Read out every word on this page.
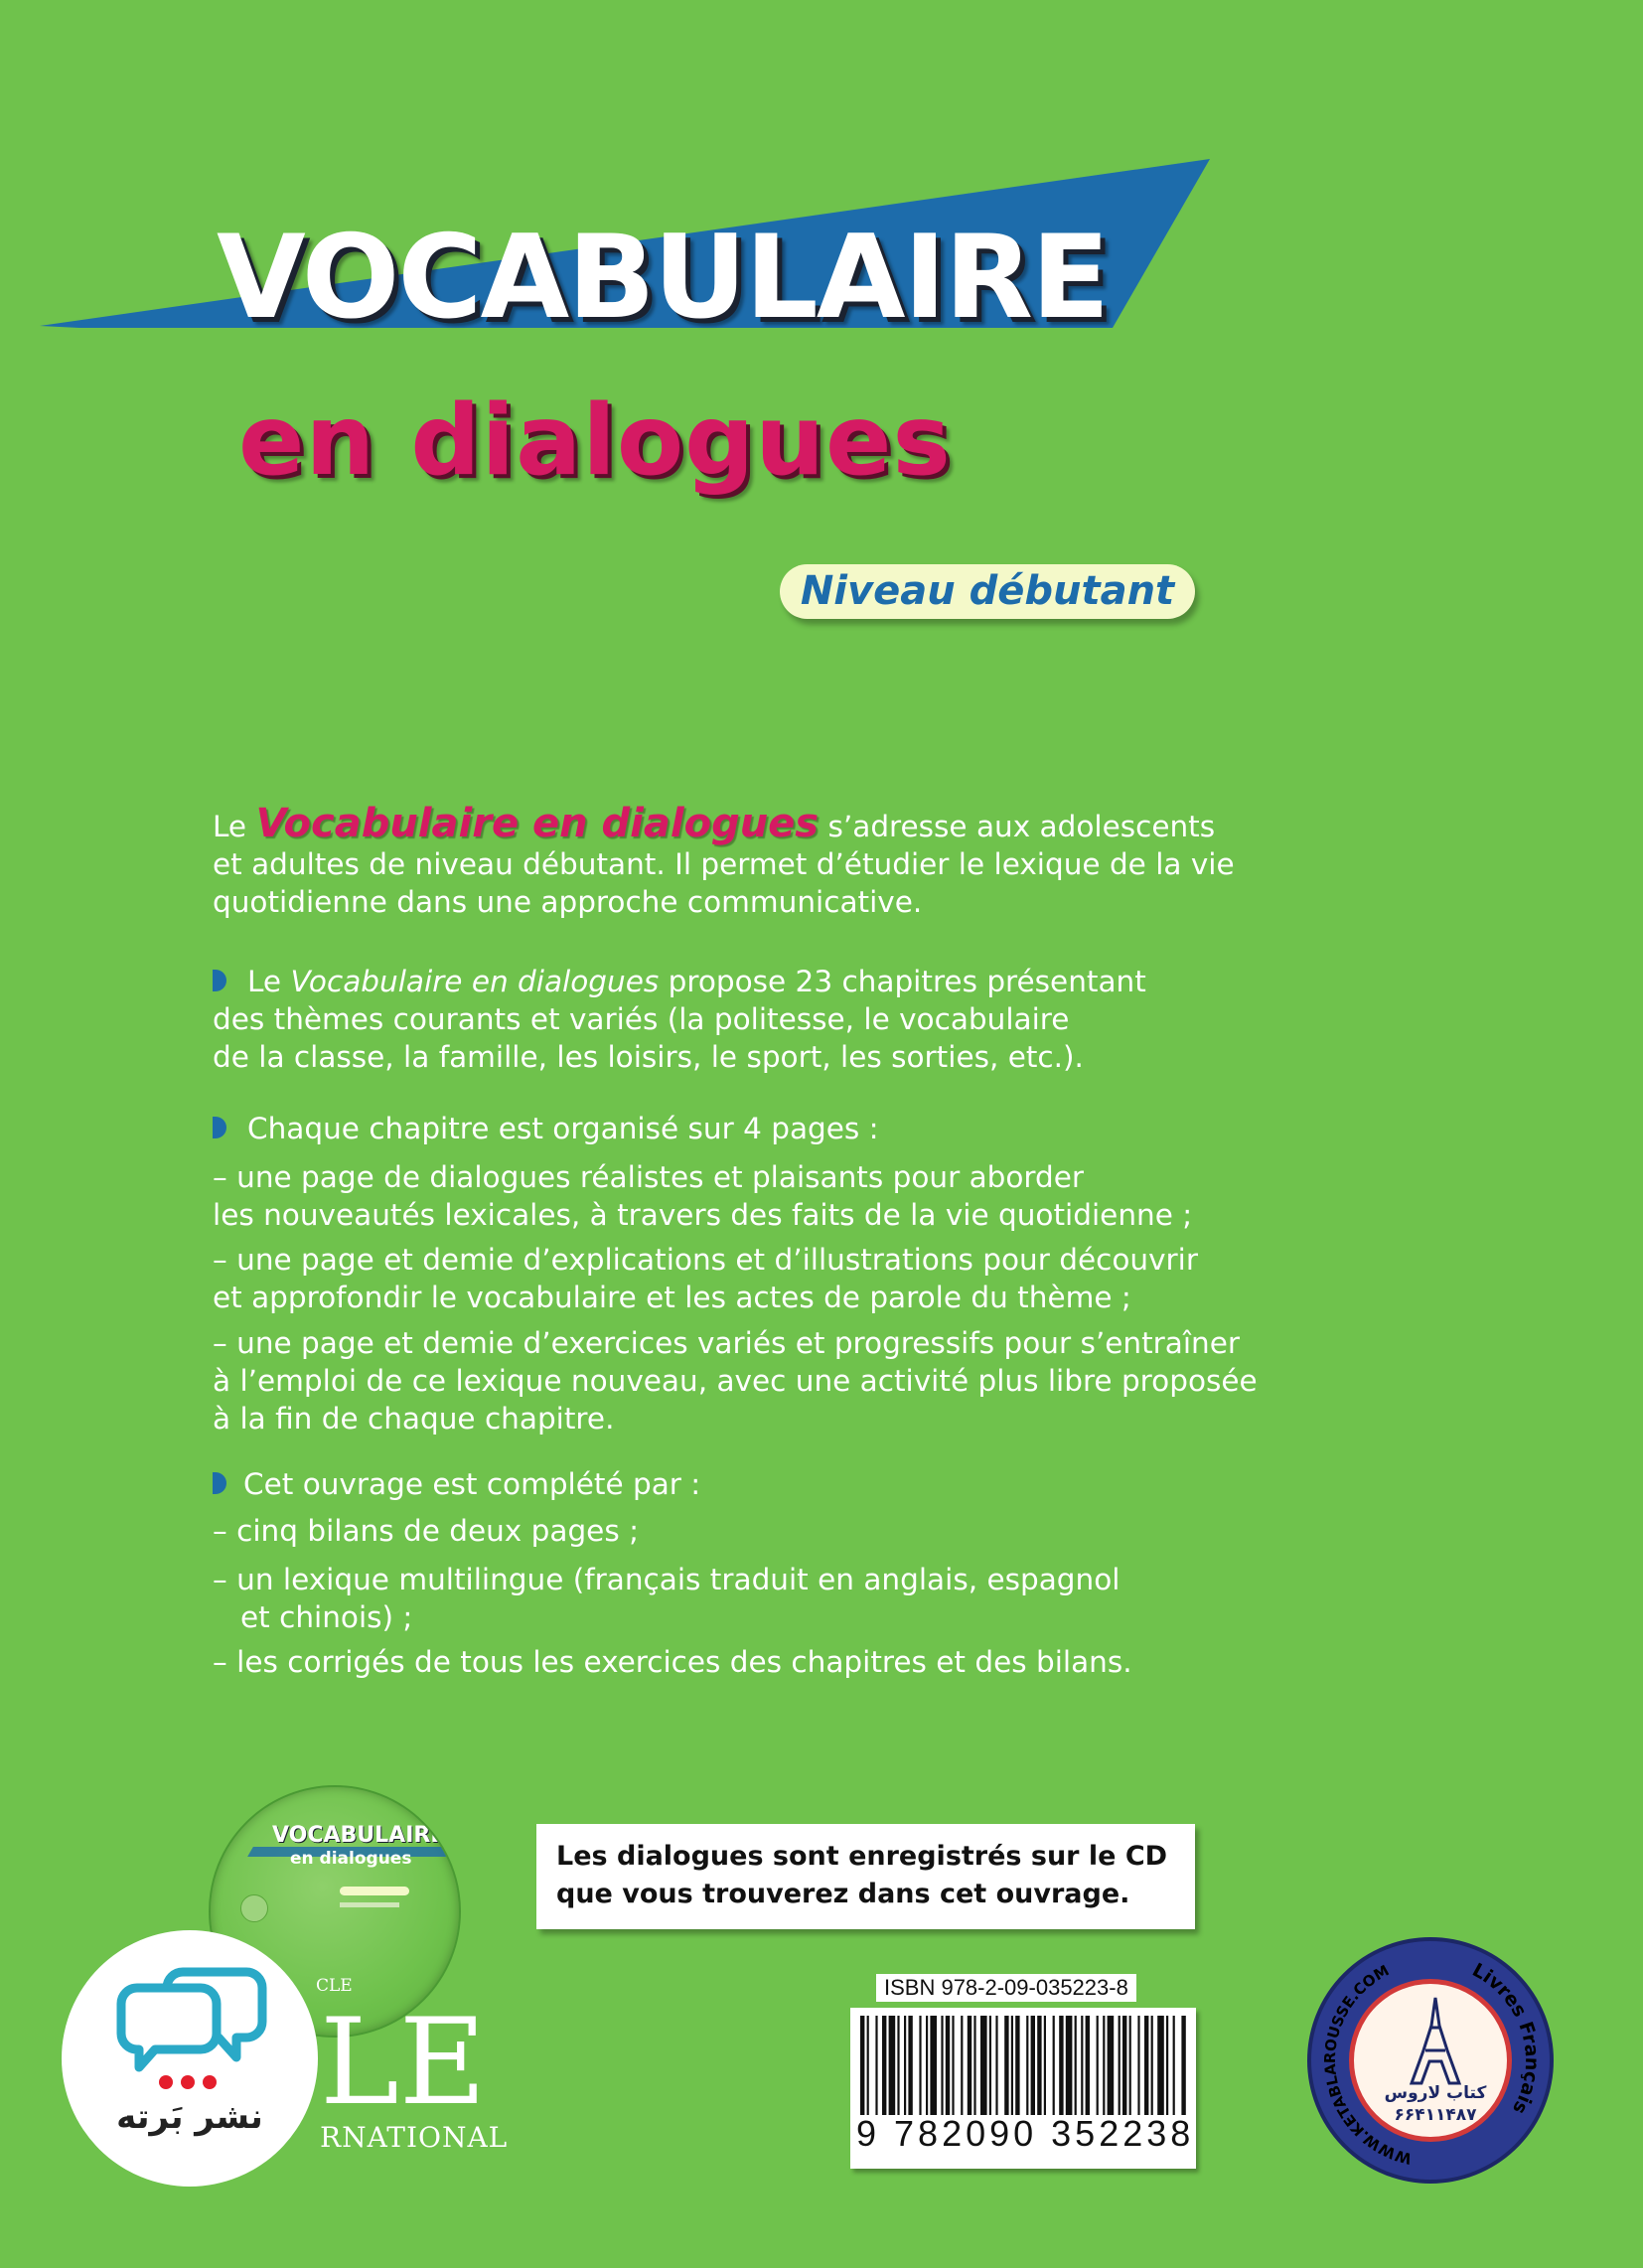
VOCABULAIRE
en dialogues
Niveau débutant

Le Vocabulaire en dialogues s’adresse aux adolescents

et adultes de niveau débutant. Il permet d’étudier le lexique de la vie

quotidienne dans une approche communicative.

Le Vocabulaire en dialogues propose 23 chapitres présentant

des thèmes courants et variés (la politesse, le vocabulaire

de la classe, la famille, les loisirs, le sport, les sorties, etc.).

Chaque chapitre est organisé sur 4 pages :

– une page de dialogues réalistes et plaisants pour aborder

les nouveautés lexicales, à travers des faits de la vie quotidienne ;

– une page et demie d’explications et d’illustrations pour découvrir

et approfondir le vocabulaire et les actes de parole du thème ;

– une page et demie d’exercices variés et progressifs pour s’entraîner

à l’emploi de ce lexique nouveau, avec une activité plus libre proposée

à la fin de chaque chapitre.

Cet ouvrage est complété par :

– cinq bilans de deux pages ;

– un lexique multilingue (français traduit en anglais, espagnol

et chinois) ;

– les corrigés de tous les exercices des chapitres et des bilans.

VOCABULAIRE
en dialogues
CLE
Les dialogues sont enregistrés sur le CD
que vous trouverez dans cet ouvrage.
LE
RNATIONAL
نشر بَرته
ISBN 978-2-09-035223-8
9 782090 352238
WWW.KETABLAROUSSE.COM	Livres Français
کتاب لاروس
۶۶۴۱۱۴۸۷
